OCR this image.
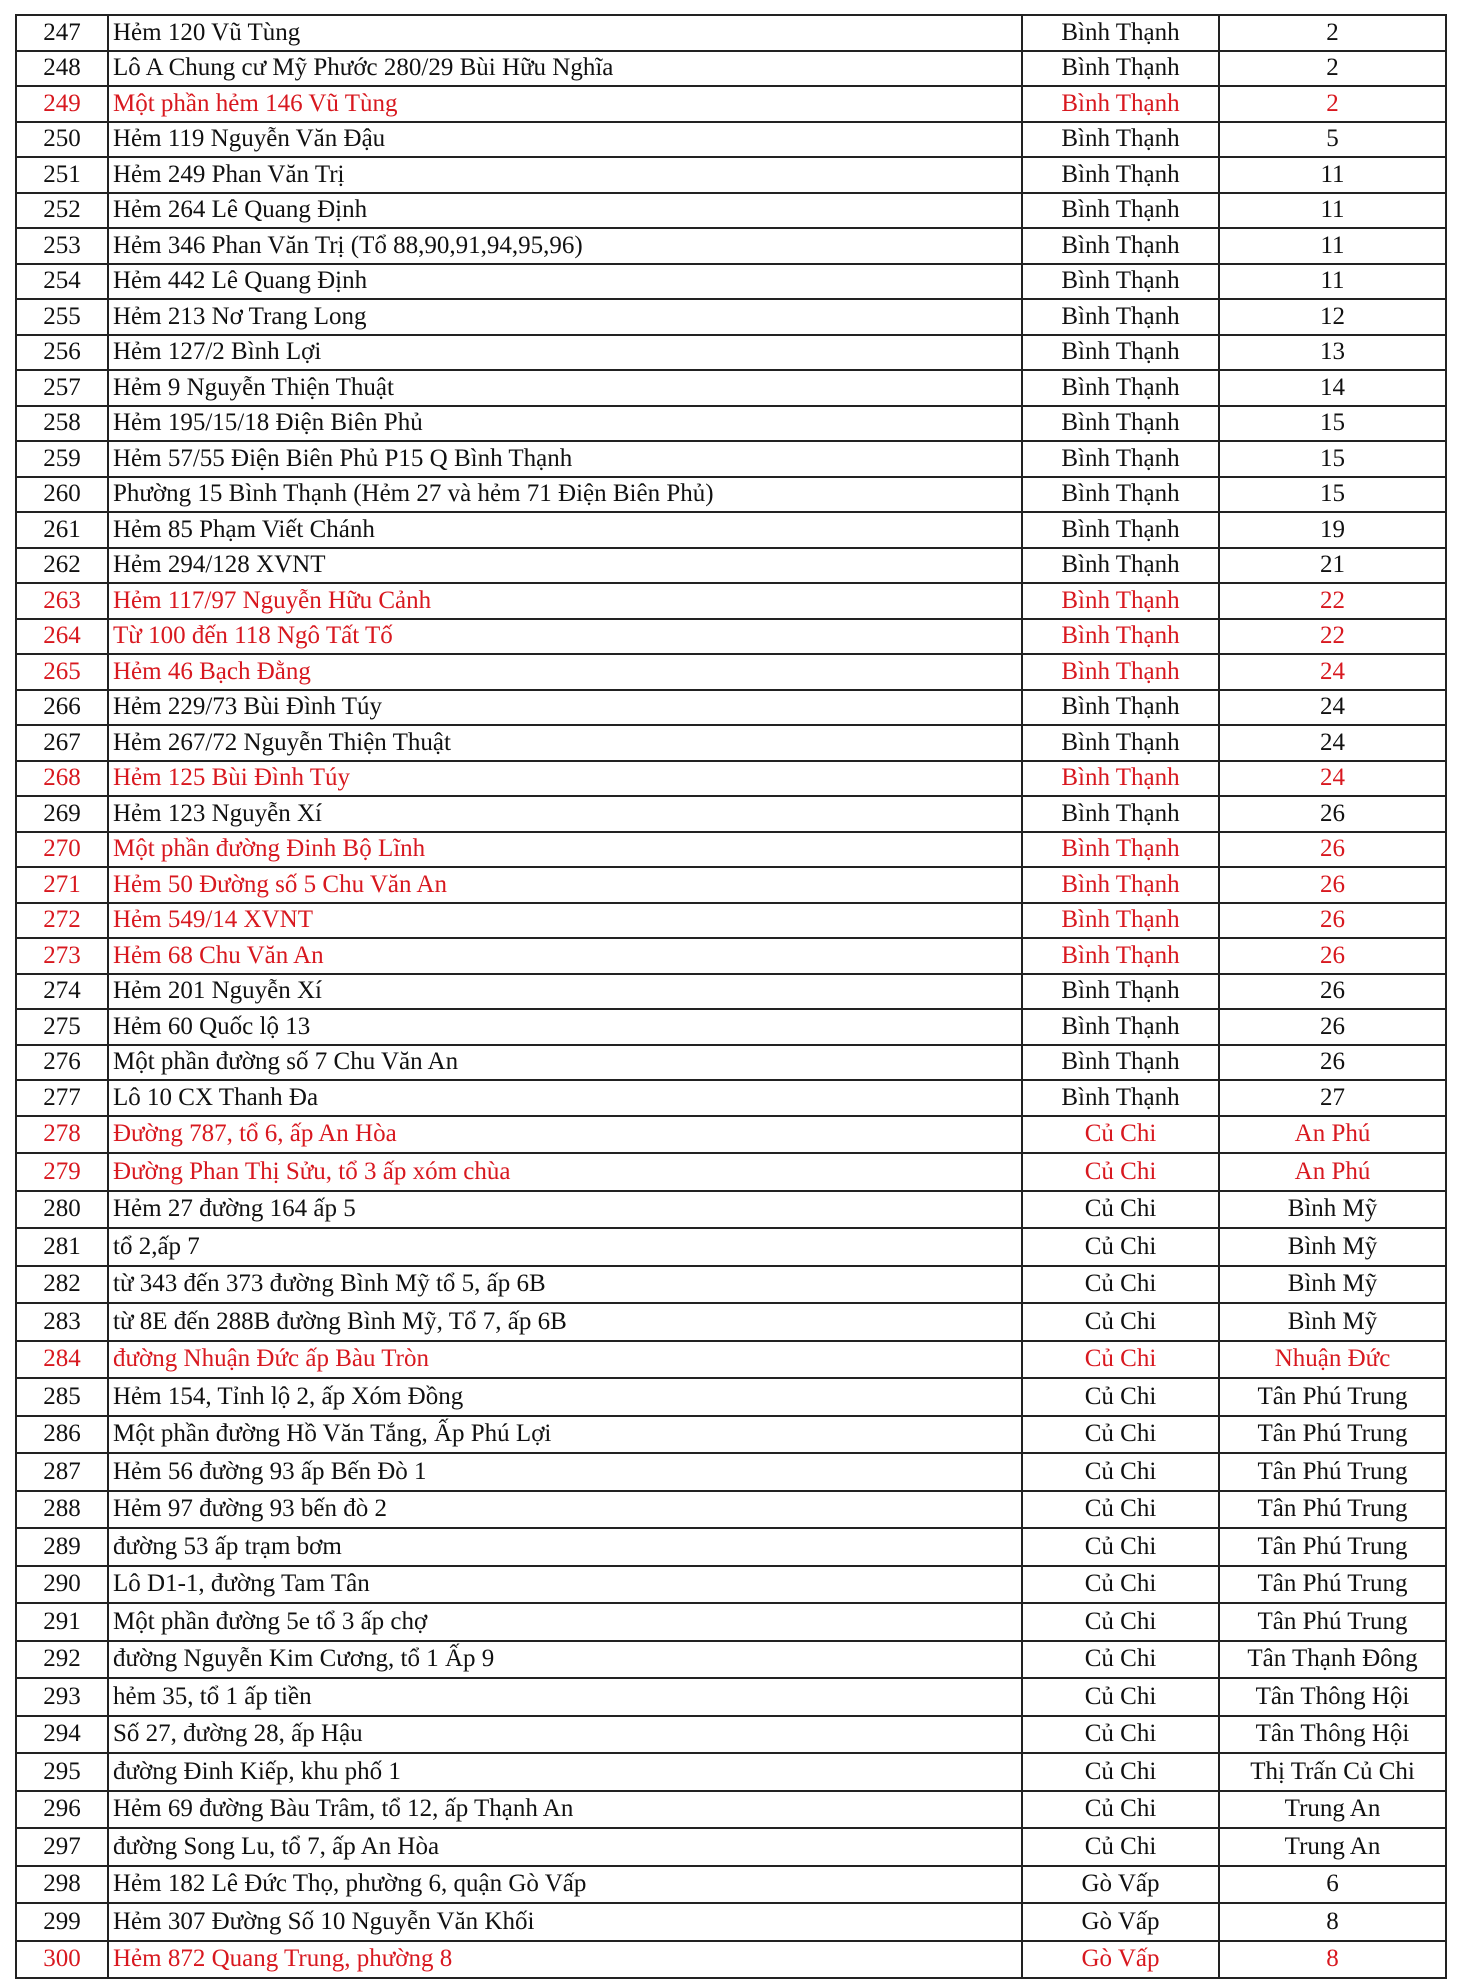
247	Hẻm 120 Vũ Tùng	Bình Thạnh	2
248	Lô A Chung cư Mỹ Phước 280/29 Bùi Hữu Nghĩa	Bình Thạnh	2
249	Một phần hẻm 146 Vũ Tùng	Bình Thạnh	2
250	Hẻm 119 Nguyễn Văn Đậu	Bình Thạnh	5
251	Hẻm 249 Phan Văn Trị	Bình Thạnh	11
252	Hẻm 264 Lê Quang Định	Bình Thạnh	11
253	Hẻm 346 Phan Văn Trị (Tổ 88,90,91,94,95,96)	Bình Thạnh	11
254	Hẻm 442 Lê Quang Định	Bình Thạnh	11
255	Hẻm 213 Nơ Trang Long	Bình Thạnh	12
256	Hẻm 127/2 Bình Lợi	Bình Thạnh	13
257	Hẻm 9 Nguyễn Thiện Thuật	Bình Thạnh	14
258	Hẻm 195/15/18 Điện Biên Phủ	Bình Thạnh	15
259	Hẻm 57/55 Điện Biên Phủ P15 Q Bình Thạnh	Bình Thạnh	15
260	Phường 15 Bình Thạnh (Hẻm 27 và hẻm 71 Điện Biên Phủ)	Bình Thạnh	15
261	Hẻm 85 Phạm Viết Chánh	Bình Thạnh	19
262	Hẻm 294/128 XVNT	Bình Thạnh	21
263	Hẻm 117/97 Nguyễn Hữu Cảnh	Bình Thạnh	22
264	Từ 100 đến 118 Ngô Tất Tố	Bình Thạnh	22
265	Hẻm 46 Bạch Đằng	Bình Thạnh	24
266	Hẻm 229/73 Bùi Đình Túy	Bình Thạnh	24
267	Hẻm 267/72 Nguyễn Thiện Thuật	Bình Thạnh	24
268	Hẻm 125 Bùi Đình Túy	Bình Thạnh	24
269	Hẻm 123 Nguyễn Xí	Bình Thạnh	26
270	Một phần đường Đinh Bộ Lĩnh	Bình Thạnh	26
271	Hẻm 50 Đường số 5 Chu Văn An	Bình Thạnh	26
272	Hẻm 549/14 XVNT	Bình Thạnh	26
273	Hẻm 68 Chu Văn An	Bình Thạnh	26
274	Hẻm 201 Nguyễn Xí	Bình Thạnh	26
275	Hẻm 60 Quốc lộ 13	Bình Thạnh	26
276	Một phần đường số 7 Chu Văn An	Bình Thạnh	26
277	Lô 10 CX Thanh Đa	Bình Thạnh	27
278	Đường 787, tổ 6, ấp An Hòa	Củ Chi	An Phú
279	Đường Phan Thị Sửu, tổ 3 ấp xóm chùa	Củ Chi	An Phú
280	Hẻm 27 đường 164 ấp 5	Củ Chi	Bình Mỹ
281	tổ 2,ấp 7	Củ Chi	Bình Mỹ
282	từ 343 đến 373 đường Bình Mỹ tổ 5, ấp 6B	Củ Chi	Bình Mỹ
283	từ 8E đến 288B đường Bình Mỹ, Tổ 7, ấp 6B	Củ Chi	Bình Mỹ
284	đường Nhuận Đức ấp Bàu Tròn	Củ Chi	Nhuận Đức
285	Hẻm 154, Tỉnh lộ 2, ấp Xóm Đồng	Củ Chi	Tân Phú Trung
286	Một phần đường Hồ Văn Tắng, Ấp Phú Lợi	Củ Chi	Tân Phú Trung
287	Hẻm 56 đường 93 ấp Bến Đò 1	Củ Chi	Tân Phú Trung
288	Hẻm 97 đường 93 bến đò 2	Củ Chi	Tân Phú Trung
289	đường 53 ấp trạm bơm	Củ Chi	Tân Phú Trung
290	Lô D1-1, đường Tam Tân	Củ Chi	Tân Phú Trung
291	Một phần đường 5e tổ 3 ấp chợ	Củ Chi	Tân Phú Trung
292	đường Nguyễn Kim Cương, tổ 1 Ấp 9	Củ Chi	Tân Thạnh Đông
293	hẻm 35, tổ 1 ấp tiền	Củ Chi	Tân Thông Hội
294	Số 27, đường 28, ấp Hậu	Củ Chi	Tân Thông Hội
295	đường Đinh Kiếp, khu phố 1	Củ Chi	Thị Trấn Củ Chi
296	Hẻm 69 đường Bàu Trâm, tổ 12, ấp Thạnh An	Củ Chi	Trung An
297	đường Song Lu, tổ 7, ấp An Hòa	Củ Chi	Trung An
298	Hẻm 182 Lê Đức Thọ, phường 6, quận Gò Vấp	Gò Vấp	6
299	Hẻm 307 Đường Số 10 Nguyễn Văn Khối	Gò Vấp	8
300	Hẻm 872 Quang Trung, phường 8	Gò Vấp	8
